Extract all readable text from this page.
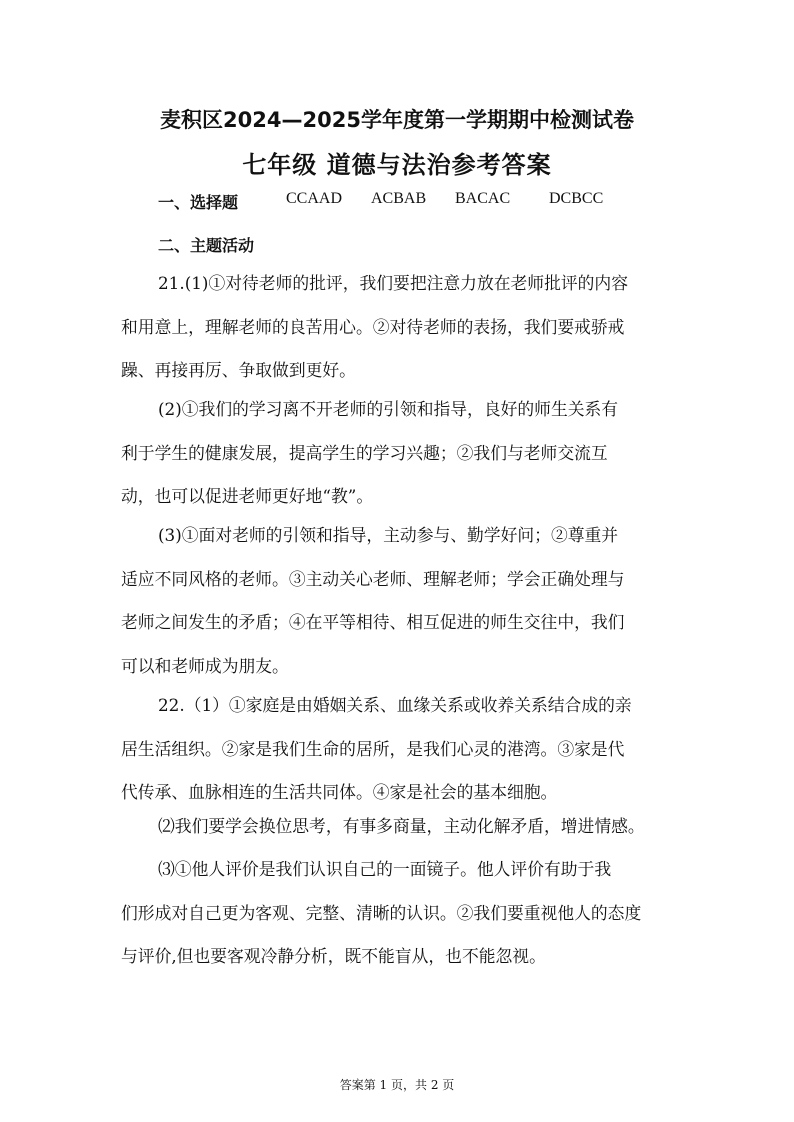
麦积区2024—2025学年度第一学期期中检测试卷
七年级 道德与法治参考答案
一、选择题	CCAAD ACBAB BACAC DCBCC
二、主题活动
21.(1)①对待老师的批评，我们要把注意力放在老师批评的内容
和用意上，理解老师的良苦用心。②对待老师的表扬，我们要戒骄戒
躁、再接再厉、争取做到更好。
(2)①我们的学习离不开老师的引领和指导，良好的师生关系有
利于学生的健康发展，提高学生的学习兴趣；②我们与老师交流互
动，也可以促进老师更好地“教”。
(3)①面对老师的引领和指导，主动参与、勤学好问；②尊重并
适应不同风格的老师。③主动关心老师、理解老师；学会正确处理与
老师之间发生的矛盾；④在平等相待、相互促进的师生交往中，我们
可以和老师成为朋友。
22.（1）①家庭是由婚姻关系、血缘关系或收养关系结合成的亲
居生活组织。②家是我们生命的居所，是我们心灵的港湾。③家是代
代传承、血脉相连的生活共同体。④家是社会的基本细胞。
⑵我们要学会换位思考，有事多商量，主动化解矛盾，增进情感。
⑶①他人评价是我们认识自己的一面镜子。他人评价有助于我
们形成对自己更为客观、完整、清晰的认识。②我们要重视他人的态度
与评价,但也要客观冷静分析，既不能盲从，也不能忽视。
答案第 1 页，共 2 页
